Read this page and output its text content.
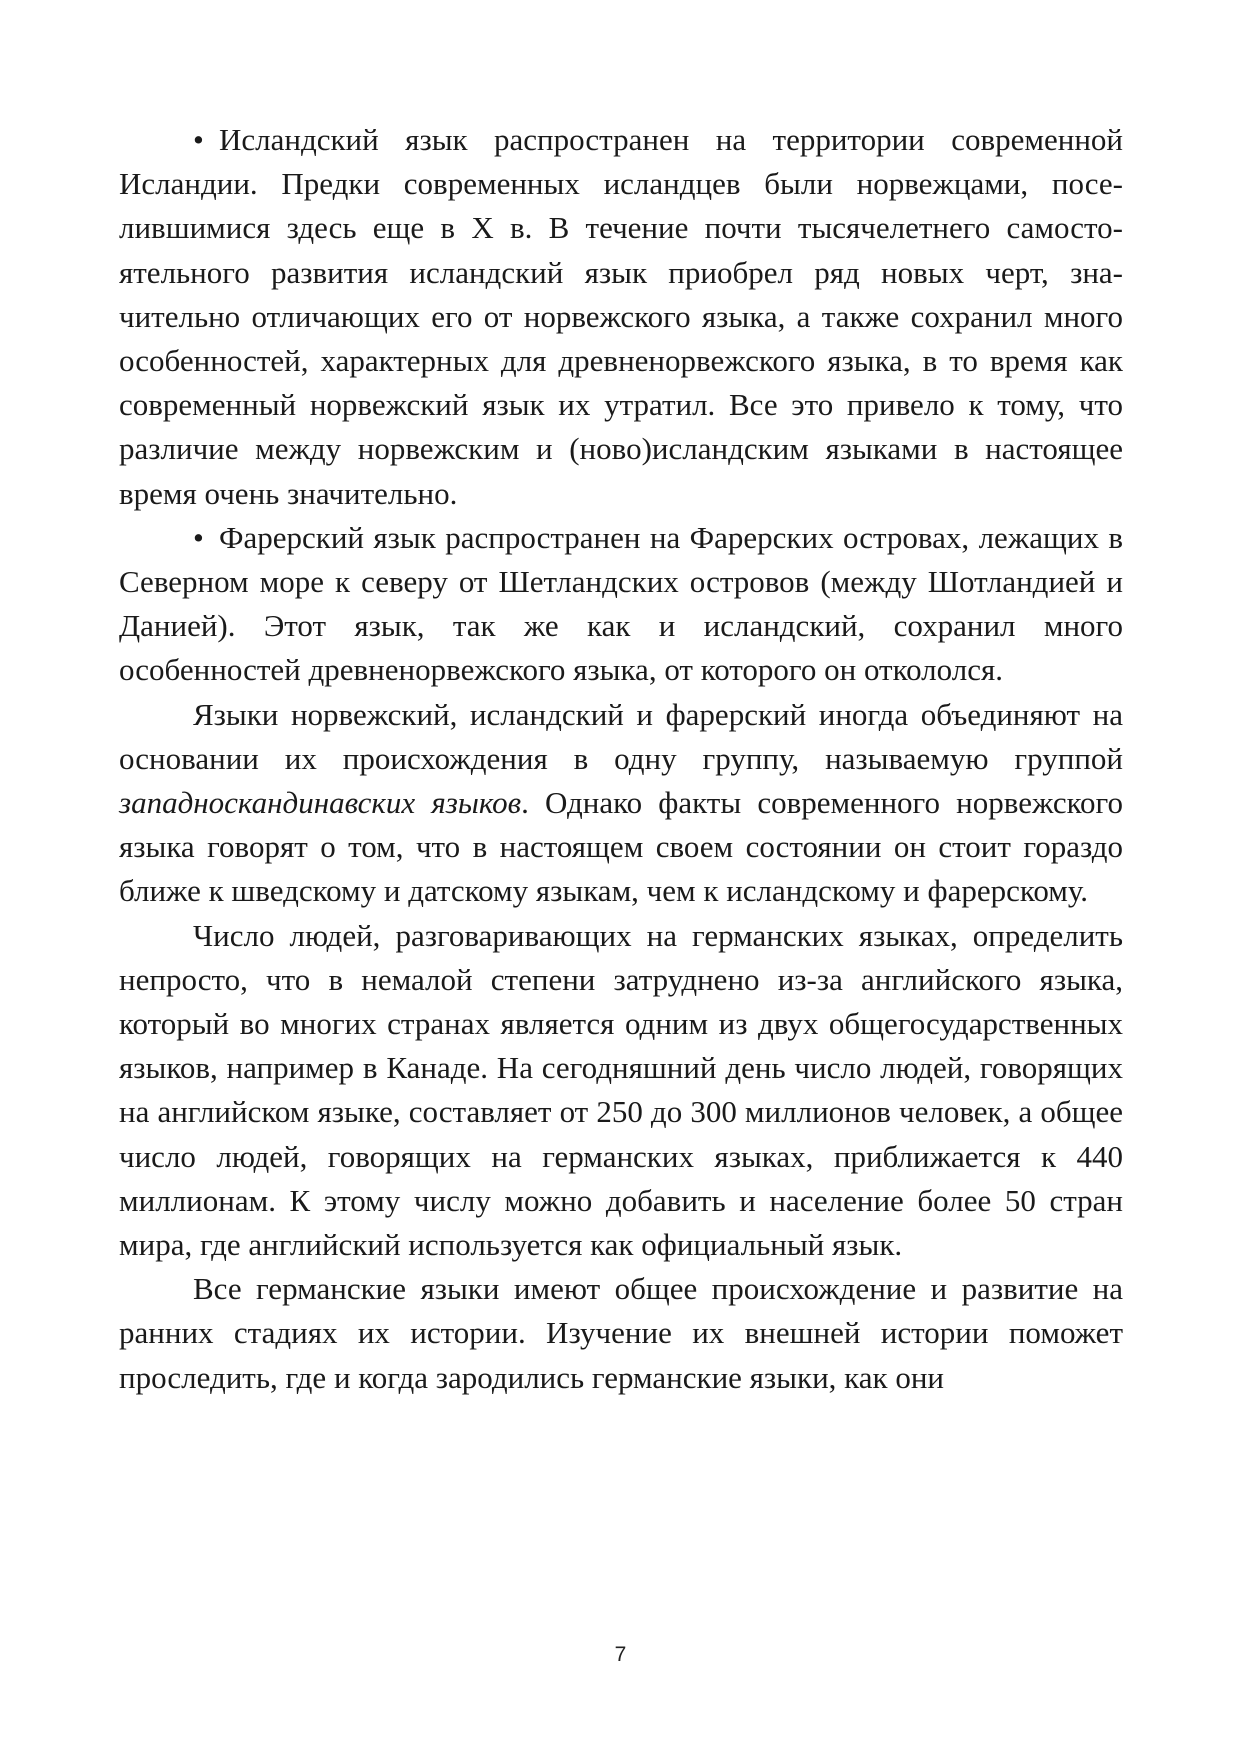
• Исландский язык распространен на территории современной Исландии. Предки современных исландцев были норвежцами, поселившимися здесь еще в X в. В течение почти тысячелетнего самостоятельного развития исландский язык приобрел ряд новых черт, значительно отличающих его от норвежского языка, а также сохранил много особенностей, характерных для древненорвежского языка, в то время как современный норвежский язык их утратил. Все это привело к тому, что различие между норвежским и (ново)исландским языками в настоящее время очень значительно.

• Фарерский язык распространен на Фарерских островах, лежащих в Северном море к северу от Шетландских островов (между Шотландией и Данией). Этот язык, так же как и исландский, сохранил много особенностей древненорвежского языка, от которого он откололся.

Языки норвежский, исландский и фарерский иногда объединяют на основании их происхождения в одну группу, называемую группой западноскандинавских языков. Однако факты современного норвежского языка говорят о том, что в настоящем своем состоянии он стоит гораздо ближе к шведскому и датскому языкам, чем к исландскому и фарерскому.

Число людей, разговаривающих на германских языках, определить непросто, что в немалой степени затруднено из-за английского языка, который во многих странах является одним из двух общегосударственных языков, например в Канаде. На сегодняшний день число людей, говорящих на английском языке, составляет от 250 до 300 миллионов человек, а общее число людей, говорящих на германских языках, приближается к 440 миллионам. К этому числу можно добавить и население более 50 стран мира, где английский используется как официальный язык.

Все германские языки имеют общее происхождение и развитие на ранних стадиях их истории. Изучение их внешней истории поможет проследить, где и когда зародились германские языки, как они

7
